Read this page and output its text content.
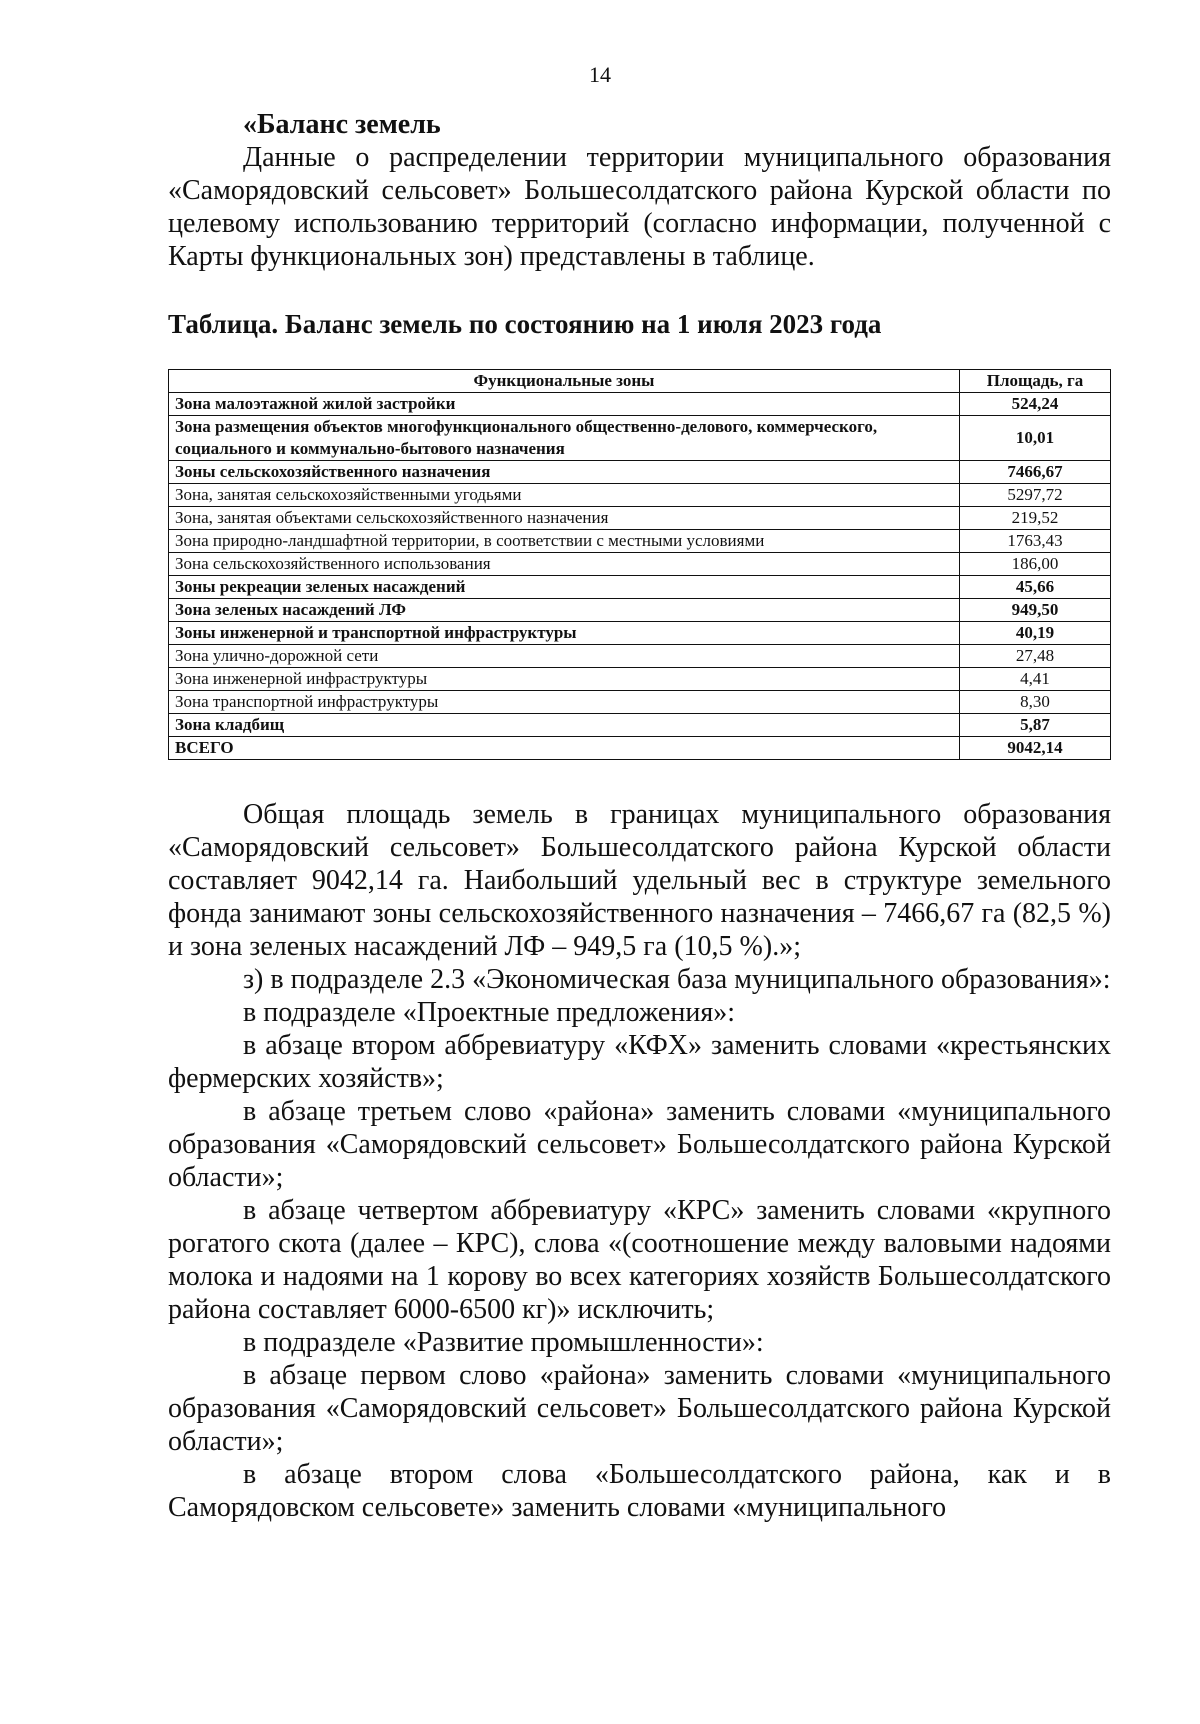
14

«Баланс земель

Данные о распределении территории муниципального образования «Саморядовский сельсовет» Большесолдатского района Курской области по целевому использованию территорий (согласно информации, полученной с Карты функциональных зон) представлены в таблице.

Таблица. Баланс земель по состоянию на 1 июля 2023 года
Функциональные зоны	Площадь, га
Зона малоэтажной жилой застройки	524,24
Зона размещения объектов многофункционального общественно-делового, коммерческого, социального и коммунально-бытового назначения	10,01
Зоны сельскохозяйственного назначения	7466,67
Зона, занятая сельскохозяйственными угодьями	5297,72
Зона, занятая объектами сельскохозяйственного назначения	219,52
Зона природно-ландшафтной территории, в соответствии с местными условиями	1763,43
Зона сельскохозяйственного использования	186,00
Зоны рекреации зеленых насаждений	45,66
Зона зеленых насаждений ЛФ	949,50
Зоны инженерной и транспортной инфраструктуры	40,19
Зона улично-дорожной сети	27,48
Зона инженерной инфраструктуры	4,41
Зона транспортной инфраструктуры	8,30
Зона кладбищ	5,87
ВСЕГО	9042,14

Общая площадь земель в границах муниципального образования «Саморядовский сельсовет» Большесолдатского района Курской области составляет 9042,14 га. Наибольший удельный вес в структуре земельного фонда занимают зоны сельскохозяйственного назначения – 7466,67 га (82,5 %) и зона зеленых насаждений ЛФ – 949,5 га (10,5 %).»;

з) в подразделе 2.3 «Экономическая база муниципального образования»:

в подразделе «Проектные предложения»:

в абзаце втором аббревиатуру «КФХ» заменить словами «крестьянских фермерских хозяйств»;

в абзаце третьем слово «района» заменить словами «муниципального образования «Саморядовский сельсовет» Большесолдатского района Курской области»;

в абзаце четвертом аббревиатуру «КРС» заменить словами «крупного рогатого скота (далее – КРС), слова «(соотношение между валовыми надоями молока и надоями на 1 корову во всех категориях хозяйств Большесолдатского района составляет 6000-6500 кг)» исключить;

в подразделе «Развитие промышленности»:

в абзаце первом слово «района» заменить словами «муниципального образования «Саморядовский сельсовет» Большесолдатского района Курской области»;

в абзаце втором слова «Большесолдатского района, как и в Саморядовском сельсовете» заменить словами «муниципального
